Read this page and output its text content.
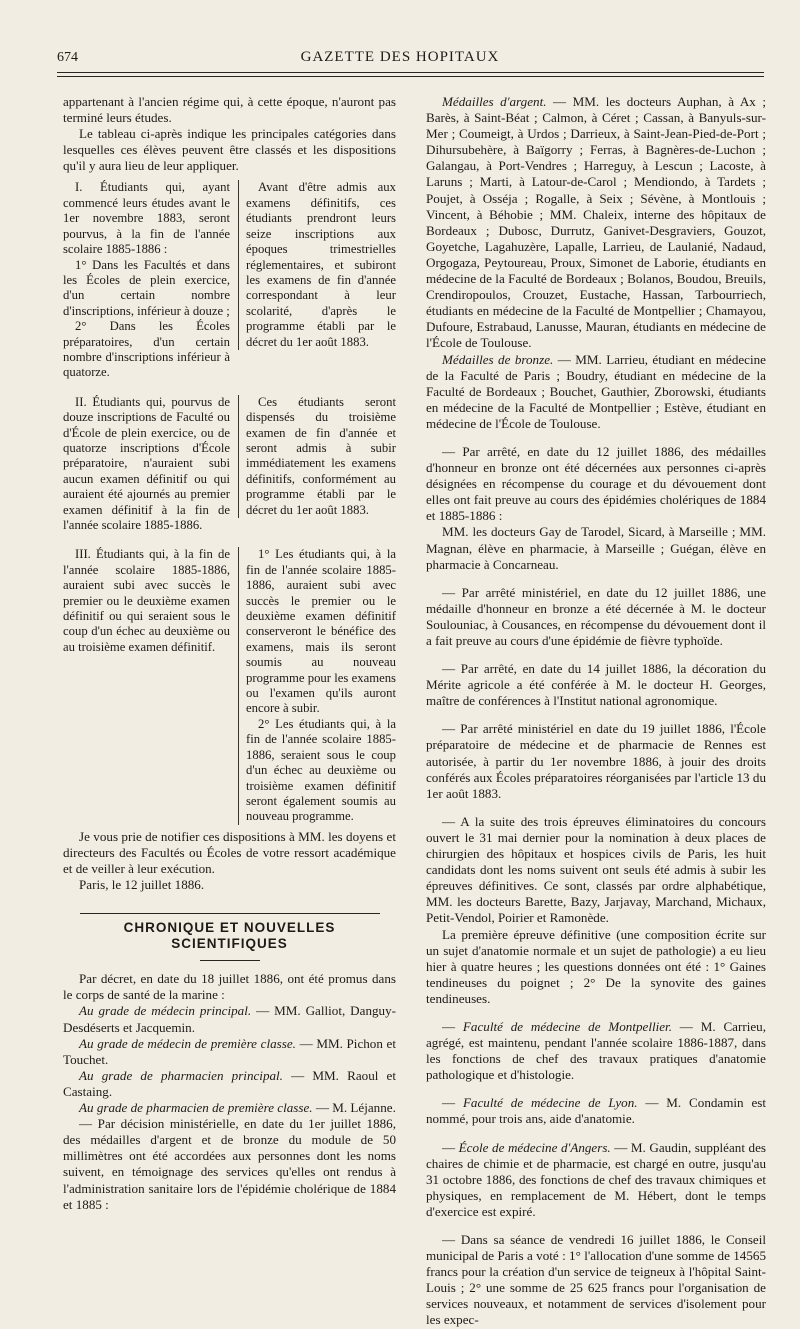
674	GAZETTE DES HOPITAUX

appartenant à l'ancien régime qui, à cette époque, n'auront pas terminé leurs études.

Le tableau ci-après indique les principales catégories dans lesquelles ces élèves peuvent être classés et les dispositions qu'il y aura lieu de leur appliquer.

I. Étudiants qui, ayant commencé leurs études avant le 1er novembre 1883, seront pourvus, à la fin de l'année scolaire 1885-1886 :

1° Dans les Facultés et dans les Écoles de plein exercice, d'un certain nombre d'inscriptions, inférieur à douze ;

2° Dans les Écoles préparatoires, d'un certain nombre d'inscriptions inférieur à quatorze.

Avant d'être admis aux examens définitifs, ces étudiants prendront leurs seize inscriptions aux époques trimestrielles réglementaires, et subiront les examens de fin d'année correspondant à leur scolarité, d'après le programme établi par le décret du 1er août 1883.

II. Étudiants qui, pourvus de douze inscriptions de Faculté ou d'École de plein exercice, ou de quatorze inscriptions d'École préparatoire, n'auraient subi aucun examen définitif ou qui auraient été ajournés au premier examen définitif à la fin de l'année scolaire 1885-1886.

Ces étudiants seront dispensés du troisième examen de fin d'année et seront admis à subir immédiatement les examens définitifs, conformément au programme établi par le décret du 1er août 1883.

III. Étudiants qui, à la fin de l'année scolaire 1885-1886, auraient subi avec succès le premier ou le deuxième examen définitif ou qui seraient sous le coup d'un échec au deuxième ou au troisième examen définitif.

1° Les étudiants qui, à la fin de l'année scolaire 1885-1886, auraient subi avec succès le premier ou le deuxième examen définitif conserveront le bénéfice des examens, mais ils seront soumis au nouveau programme pour les examens ou l'examen qu'ils auront encore à subir.

2° Les étudiants qui, à la fin de l'année scolaire 1885-1886, seraient sous le coup d'un échec au deuxième ou troisième examen définitif seront également soumis au nouveau programme.

Je vous prie de notifier ces dispositions à MM. les doyens et directeurs des Facultés ou Écoles de votre ressort académique et de veiller à leur exécution.

Paris, le 12 juillet 1886.

CHRONIQUE ET NOUVELLES SCIENTIFIQUES

Par décret, en date du 18 juillet 1886, ont été promus dans le corps de santé de la marine :

Au grade de médecin principal. — MM. Galliot, Danguy-Desdéserts et Jacquemin.

Au grade de médecin de première classe. — MM. Pichon et Touchet.

Au grade de pharmacien principal. — MM. Raoul et Castaing.

Au grade de pharmacien de première classe. — M. Léjanne.

— Par décision ministérielle, en date du 1er juillet 1886, des médailles d'argent et de bronze du module de 50 millimètres ont été accordées aux personnes dont les noms suivent, en témoignage des services qu'elles ont rendus à l'administration sanitaire lors de l'épidémie cholérique de 1884 et 1885 :

Médailles d'argent. — MM. les docteurs Auphan, à Ax ; Barès, à Saint-Béat ; Calmon, à Céret ; Cassan, à Banyuls-sur-Mer ; Coumeigt, à Urdos ; Darrieux, à Saint-Jean-Pied-de-Port ; Dihursubehère, à Baïgorry ; Ferras, à Bagnères-de-Luchon ; Galangau, à Port-Vendres ; Harreguy, à Lescun ; Lacoste, à Laruns ; Marti, à Latour-de-Carol ; Mendiondo, à Tardets ; Poujet, à Osséja ; Rogalle, à Seix ; Sévène, à Montlouis ; Vincent, à Béhobie ; MM. Chaleix, interne des hôpitaux de Bordeaux ; Dubosc, Durrutz, Ganivet-Desgraviers, Gouzot, Goyetche, Lagahuzère, Lapalle, Larrieu, de Laulanié, Nadaud, Orgogaza, Peytoureau, Proux, Simonet de Laborie, étudiants en médecine de la Faculté de Bordeaux ; Bolanos, Boudou, Breuils, Crendiropoulos, Crouzet, Eustache, Hassan, Tarbourriech, étudiants en médecine de la Faculté de Montpellier ; Chamayou, Dufoure, Estrabaud, Lanusse, Mauran, étudiants en médecine de l'École de Toulouse.

Médailles de bronze. — MM. Larrieu, étudiant en médecine de la Faculté de Paris ; Boudry, étudiant en médecine de la Faculté de Bordeaux ; Bouchet, Gauthier, Zborowski, étudiants en médecine de la Faculté de Montpellier ; Estève, étudiant en médecine de l'École de Toulouse.

— Par arrêté, en date du 12 juillet 1886, des médailles d'honneur en bronze ont été décernées aux personnes ci-après désignées en récompense du courage et du dévouement dont elles ont fait preuve au cours des épidémies cholériques de 1884 et 1885-1886 :

MM. les docteurs Gay de Tarodel, Sicard, à Marseille ; MM. Magnan, élève en pharmacie, à Marseille ; Guégan, élève en pharmacie à Concarneau.

— Par arrêté ministériel, en date du 12 juillet 1886, une médaille d'honneur en bronze a été décernée à M. le docteur Soulouniac, à Cousances, en récompense du dévouement dont il a fait preuve au cours d'une épidémie de fièvre typhoïde.

— Par arrêté, en date du 14 juillet 1886, la décoration du Mérite agricole a été conférée à M. le docteur H. Georges, maître de conférences à l'Institut national agronomique.

— Par arrêté ministériel en date du 19 juillet 1886, l'École préparatoire de médecine et de pharmacie de Rennes est autorisée, à partir du 1er novembre 1886, à jouir des droits conférés aux Écoles préparatoires réorganisées par l'article 13 du 1er août 1883.

— A la suite des trois épreuves éliminatoires du concours ouvert le 31 mai dernier pour la nomination à deux places de chirurgien des hôpitaux et hospices civils de Paris, les huit candidats dont les noms suivent ont seuls été admis à subir les épreuves définitives. Ce sont, classés par ordre alphabétique, MM. les docteurs Barette, Bazy, Jarjavay, Marchand, Michaux, Petit-Vendol, Poirier et Ramonède.

La première épreuve définitive (une composition écrite sur un sujet d'anatomie normale et un sujet de pathologie) a eu lieu hier à quatre heures ; les questions données ont été : 1° Gaines tendineuses du poignet ; 2° De la synovite des gaines tendineuses.

— Faculté de médecine de Montpellier. — M. Carrieu, agrégé, est maintenu, pendant l'année scolaire 1886-1887, dans les fonctions de chef des travaux pratiques d'anatomie pathologique et d'histologie.

— Faculté de médecine de Lyon. — M. Condamin est nommé, pour trois ans, aide d'anatomie.

— École de médecine d'Angers. — M. Gaudin, suppléant des chaires de chimie et de pharmacie, est chargé en outre, jusqu'au 31 octobre 1886, des fonctions de chef des travaux chimiques et physiques, en remplacement de M. Hébert, dont le temps d'exercice est expiré.

— Dans sa séance de vendredi 16 juillet 1886, le Conseil municipal de Paris a voté : 1° l'allocation d'une somme de 14565 francs pour la création d'un service de teigneux à l'hôpital Saint-Louis ; 2° une somme de 25 625 francs pour l'organisation de services nouveaux, et notamment de services d'isolement pour les expec-
